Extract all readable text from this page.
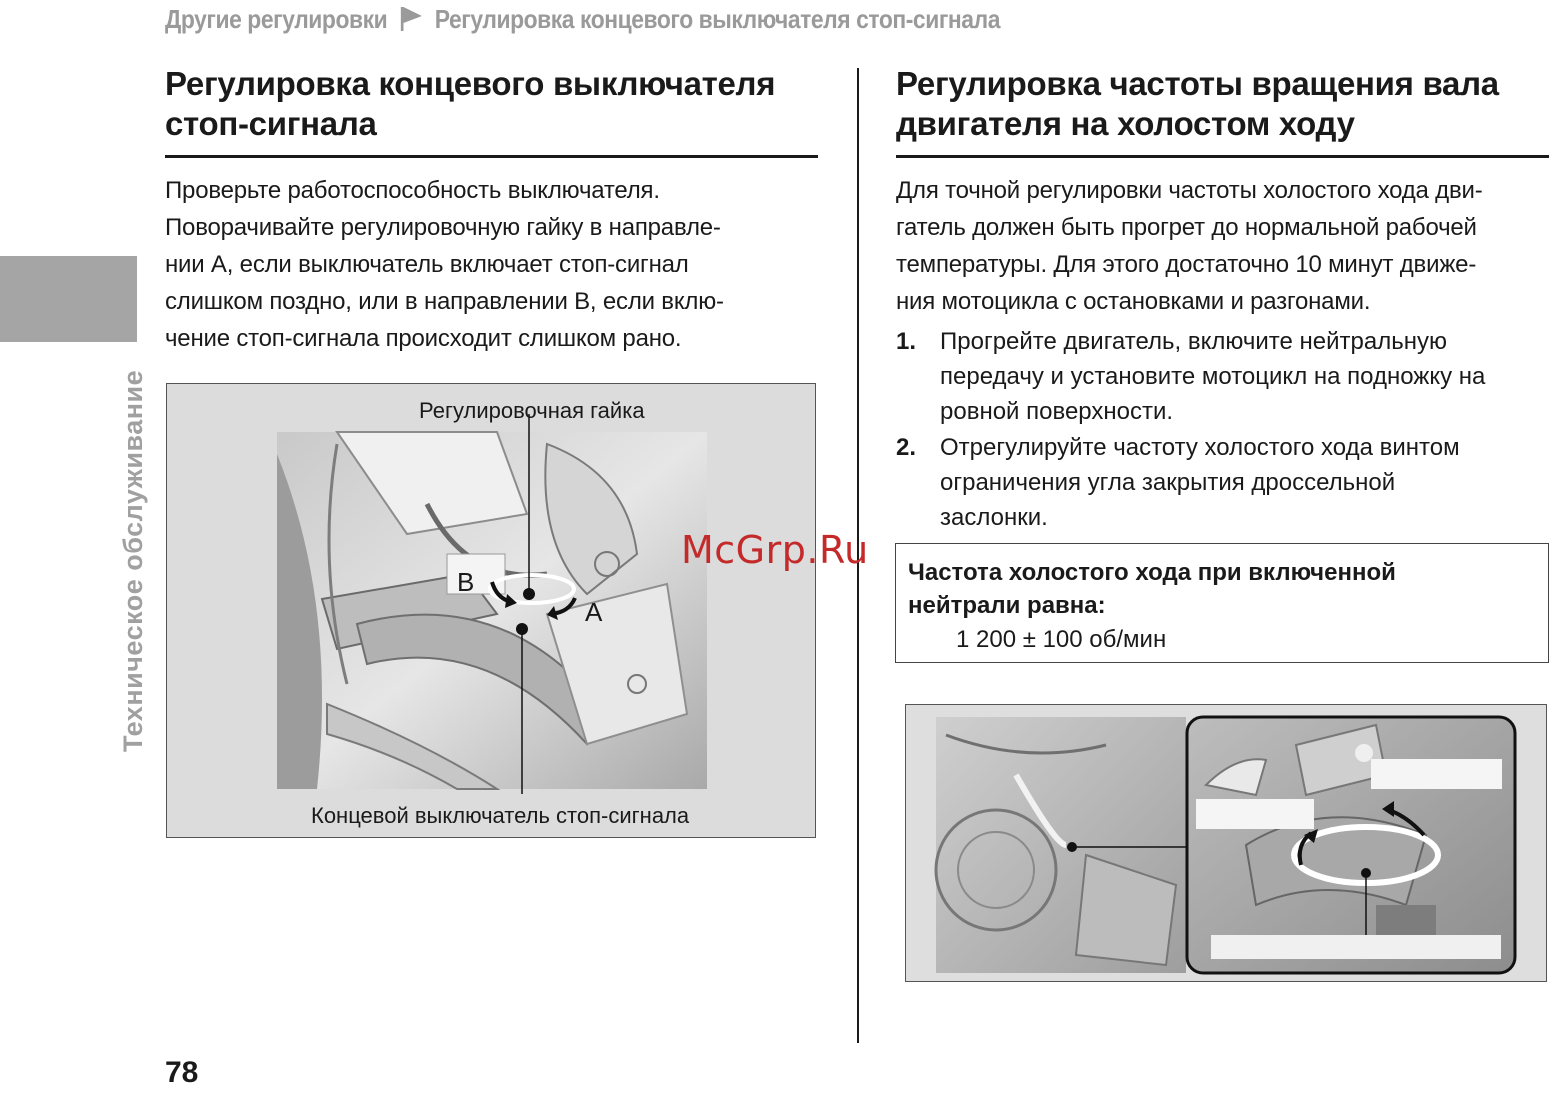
Другие регулировки Регулировка концевого выключателя стоп-сигнала
Техническое обслуживание
Регулировка концевого выключателя
стоп-сигнала
Проверьте работоспособность выключателя.
Поворачивайте регулировочную гайку в направле-
нии A, если выключатель включает стоп-сигнал
слишком поздно, или в направлении B, если вклю-
чение стоп-сигнала происходит слишком рано.
Регулировочная гайка
B
A
Концевой выключатель стоп-сигнала
McGrp.Ru
Регулировка частоты вращения вала
двигателя на холостом ходу
Для точной регулировки частоты холостого хода дви-
гатель должен быть прогрет до нормальной рабочей
температуры. Для этого достаточно 10 минут движе-
ния мотоцикла с остановками и разгонами.
1. Прогрейте двигатель, включите нейтральную
передачу и установите мотоцикл на подножку на
ровной поверхности.
2. Отрегулируйте частоту холостого хода винтом
ограничения угла закрытия дроссельной
заслонки.

Частота холостого хода при включенной
нейтрали равна:

1 200 ± 100 об/мин

78
